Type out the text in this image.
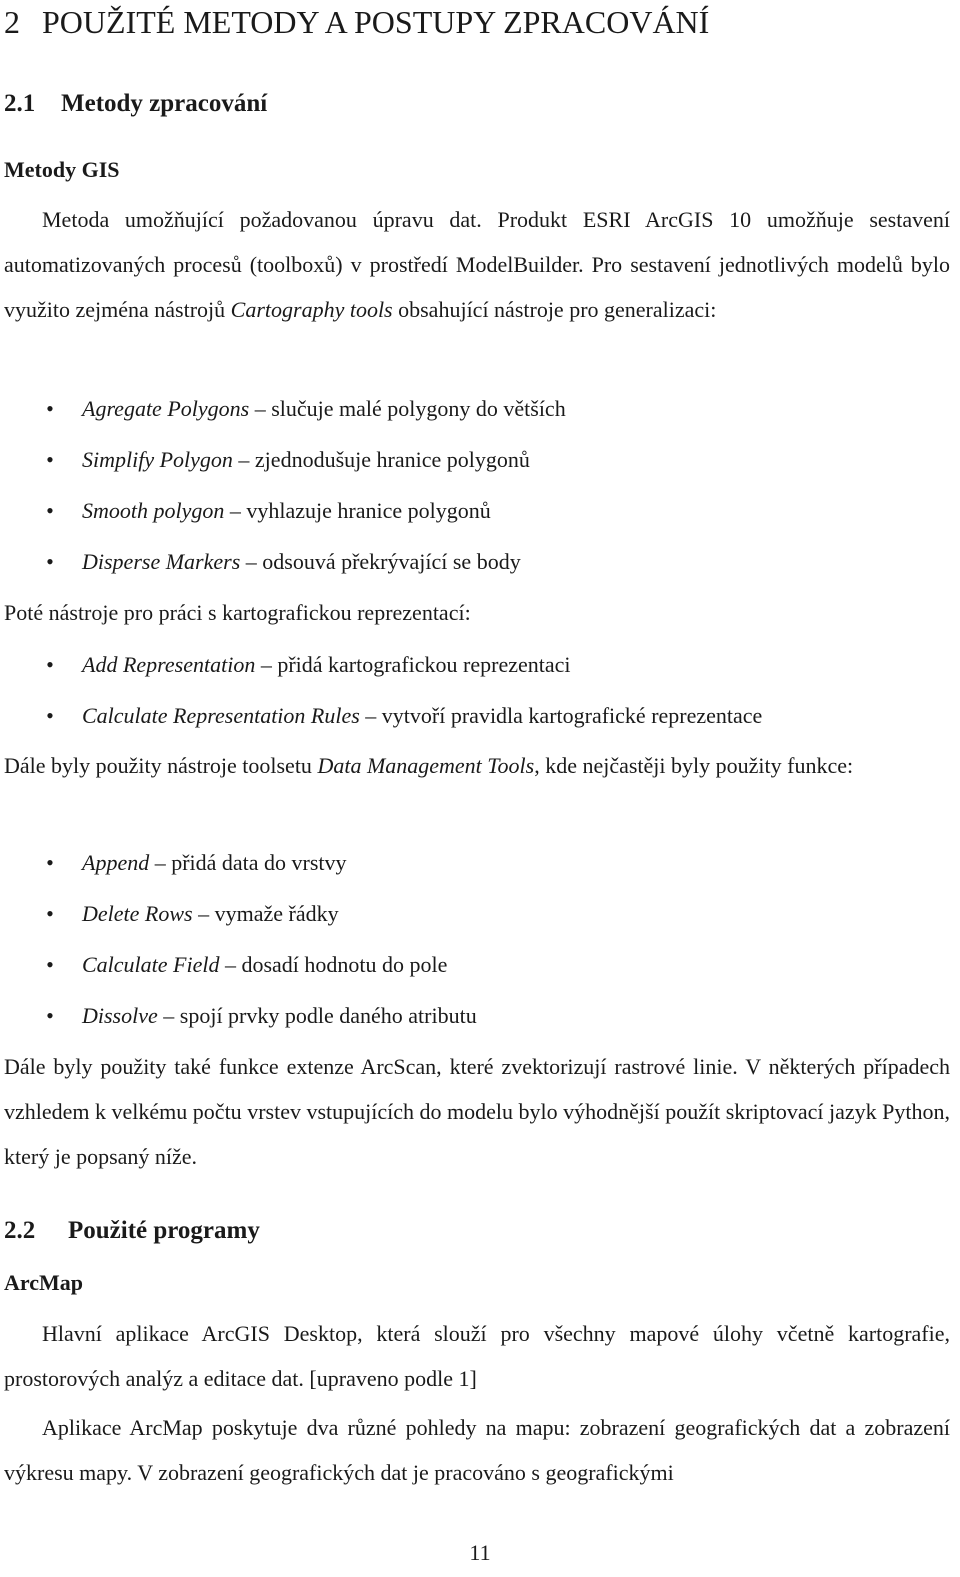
2 POUŽITÉ METODY A POSTUPY ZPRACOVÁNÍ
2.1 Metody zpracování
Metody GIS

Metoda umožňující požadovanou úpravu dat. Produkt ESRI ArcGIS 10 umožňuje sestavení automatizovaných procesů (toolboxů) v prostředí ModelBuilder. Pro sestavení jednotlivých modelů bylo využito zejména nástrojů Cartography tools obsahující nástroje pro generalizaci:

• Agregate Polygons – slučuje malé polygony do větších
• Simplify Polygon – zjednodušuje hranice polygonů
• Smooth polygon – vyhlazuje hranice polygonů
• Disperse Markers – odsouvá překrývající se body

Poté nástroje pro práci s kartografickou reprezentací:

• Add Representation – přidá kartografickou reprezentaci
• Calculate Representation Rules – vytvoří pravidla kartografické reprezentace

Dále byly použity nástroje toolsetu Data Management Tools, kde nejčastěji byly použity funkce:

• Append – přidá data do vrstvy
• Delete Rows – vymaže řádky
• Calculate Field – dosadí hodnotu do pole
• Dissolve – spojí prvky podle daného atributu

Dále byly použity také funkce extenze ArcScan, které zvektorizují rastrové linie. V některých případech vzhledem k velkému počtu vrstev vstupujících do modelu bylo výhodnější použít skriptovací jazyk Python, který je popsaný níže.

2.2 Použité programy
ArcMap

Hlavní aplikace ArcGIS Desktop, která slouží pro všechny mapové úlohy včetně kartografie, prostorových analýz a editace dat. [upraveno podle 1]

Aplikace ArcMap poskytuje dva různé pohledy na mapu: zobrazení geografických dat a zobrazení výkresu mapy. V zobrazení geografických dat je pracováno s geografickými

11
